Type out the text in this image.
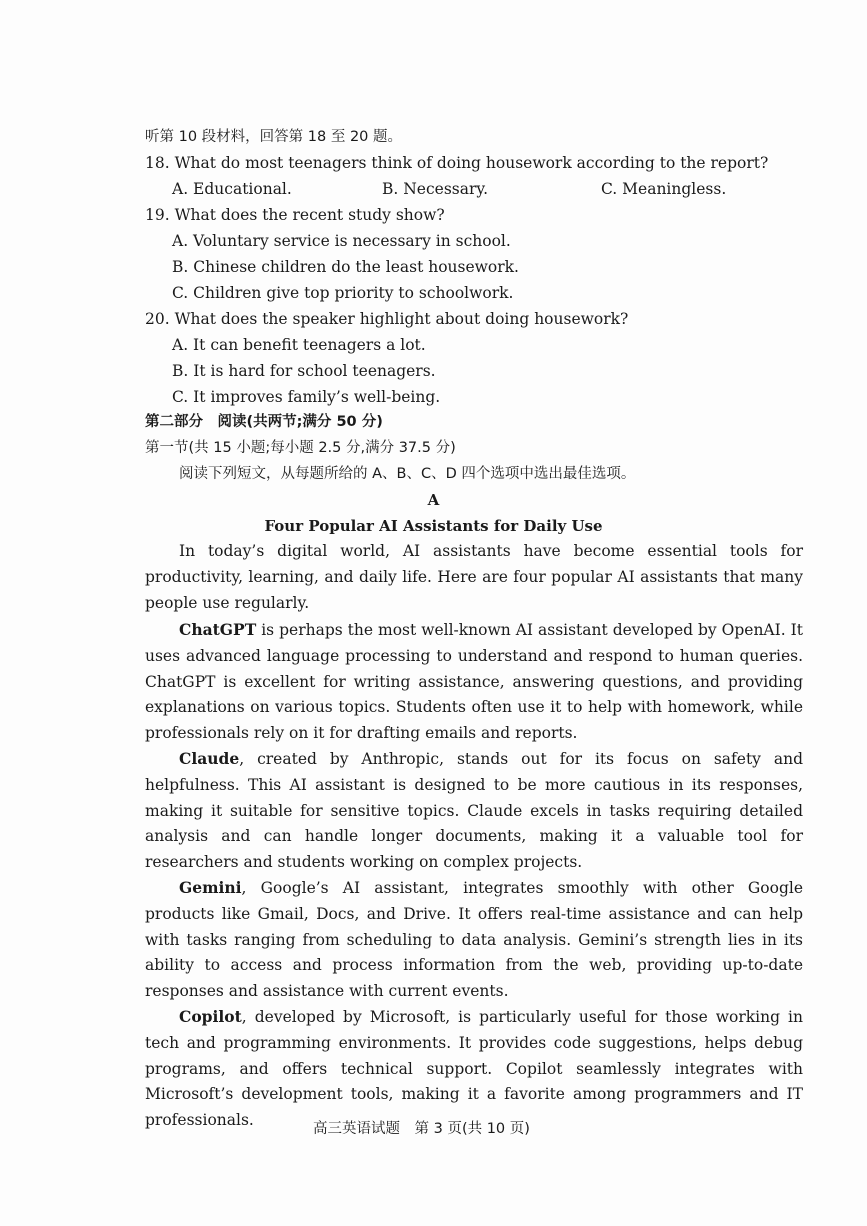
听第 10 段材料，回答第 18 至 20 题。
18. What do most teenagers think of doing housework according to the report?
A. Educational.	B. Necessary.	C. Meaningless.
19. What does the recent study show?
A. Voluntary service is necessary in school.
B. Chinese children do the least housework.
C. Children give top priority to schoolwork.
20. What does the speaker highlight about doing housework?
A. It can benefit teenagers a lot.
B. It is hard for school teenagers.
C. It improves family’s well-being.
第二部分　阅读(共两节;满分 50 分)
第一节(共 15 小题;每小题 2.5 分,满分 37.5 分)
阅读下列短文，从每题所给的 A、B、C、D 四个选项中选出最佳选项。
A
Four Popular AI Assistants for Daily Use
In today’s digital world, AI assistants have become essential tools for productivity, learning, and daily life. Here are four popular AI assistants that many people use regularly.
ChatGPT is perhaps the most well-known AI assistant developed by OpenAI. It uses advanced language processing to understand and respond to human queries. ChatGPT is excellent for writing assistance, answering questions, and providing explanations on various topics. Students often use it to help with homework, while professionals rely on it for drafting emails and reports.
Claude, created by Anthropic, stands out for its focus on safety and helpfulness. This AI assistant is designed to be more cautious in its responses, making it suitable for sensitive topics. Claude excels in tasks requiring detailed analysis and can handle longer documents, making it a valuable tool for researchers and students working on complex projects.
Gemini, Google’s AI assistant, integrates smoothly with other Google products like Gmail, Docs, and Drive. It offers real-time assistance and can help with tasks ranging from scheduling to data analysis. Gemini’s strength lies in its ability to access and process information from the web, providing up-to-date responses and assistance with current events.
Copilot, developed by Microsoft, is particularly useful for those working in tech and programming environments. It provides code suggestions, helps debug programs, and offers technical support. Copilot seamlessly integrates with Microsoft’s development tools, making it a favorite among programmers and IT professionals.	高三英语试题　第 3 页(共 10 页)
